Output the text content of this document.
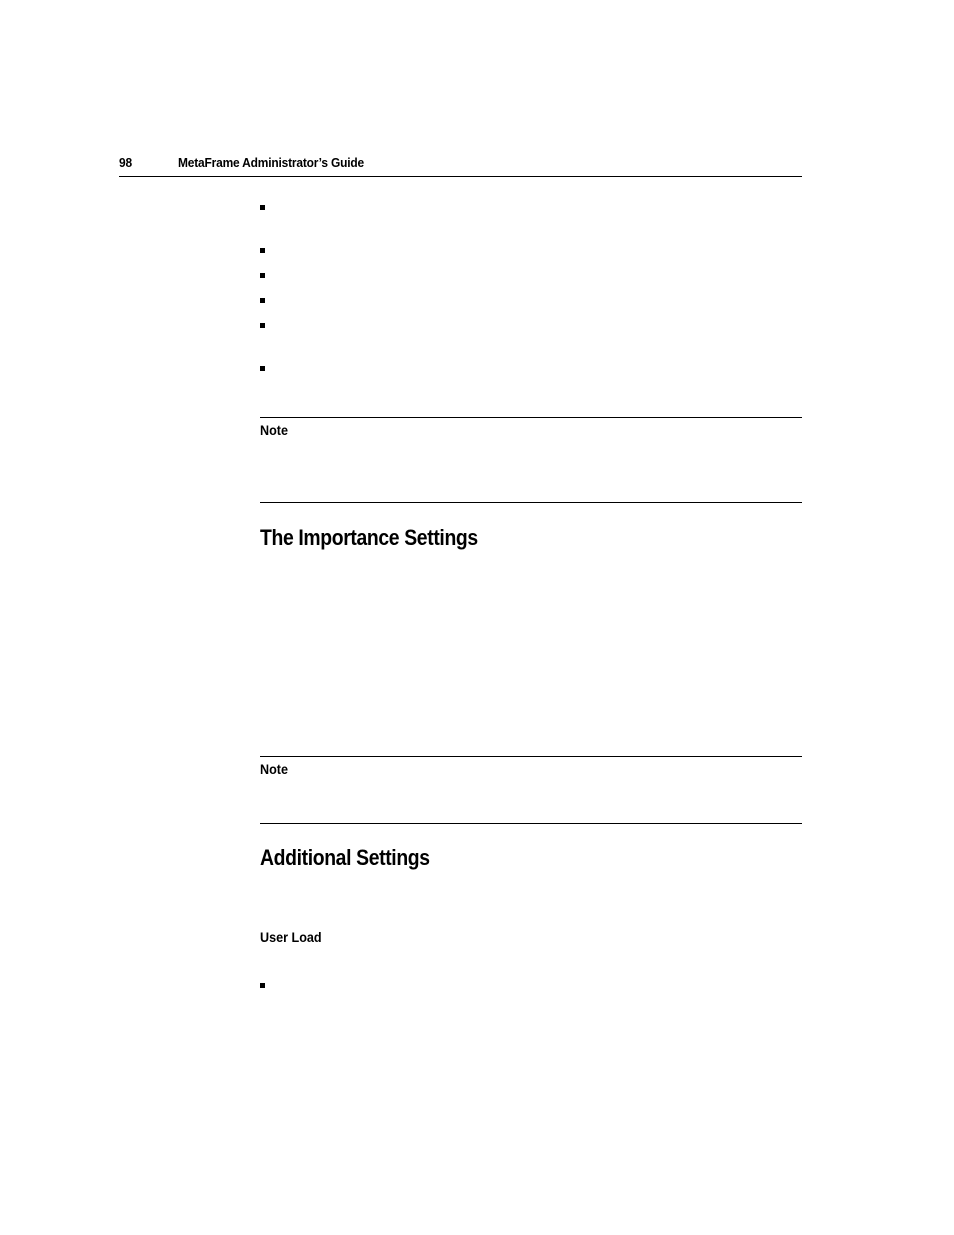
98	MetaFrame Administrator’s Guide
Note
The Importance Settings
Note
Additional Settings
User Load
